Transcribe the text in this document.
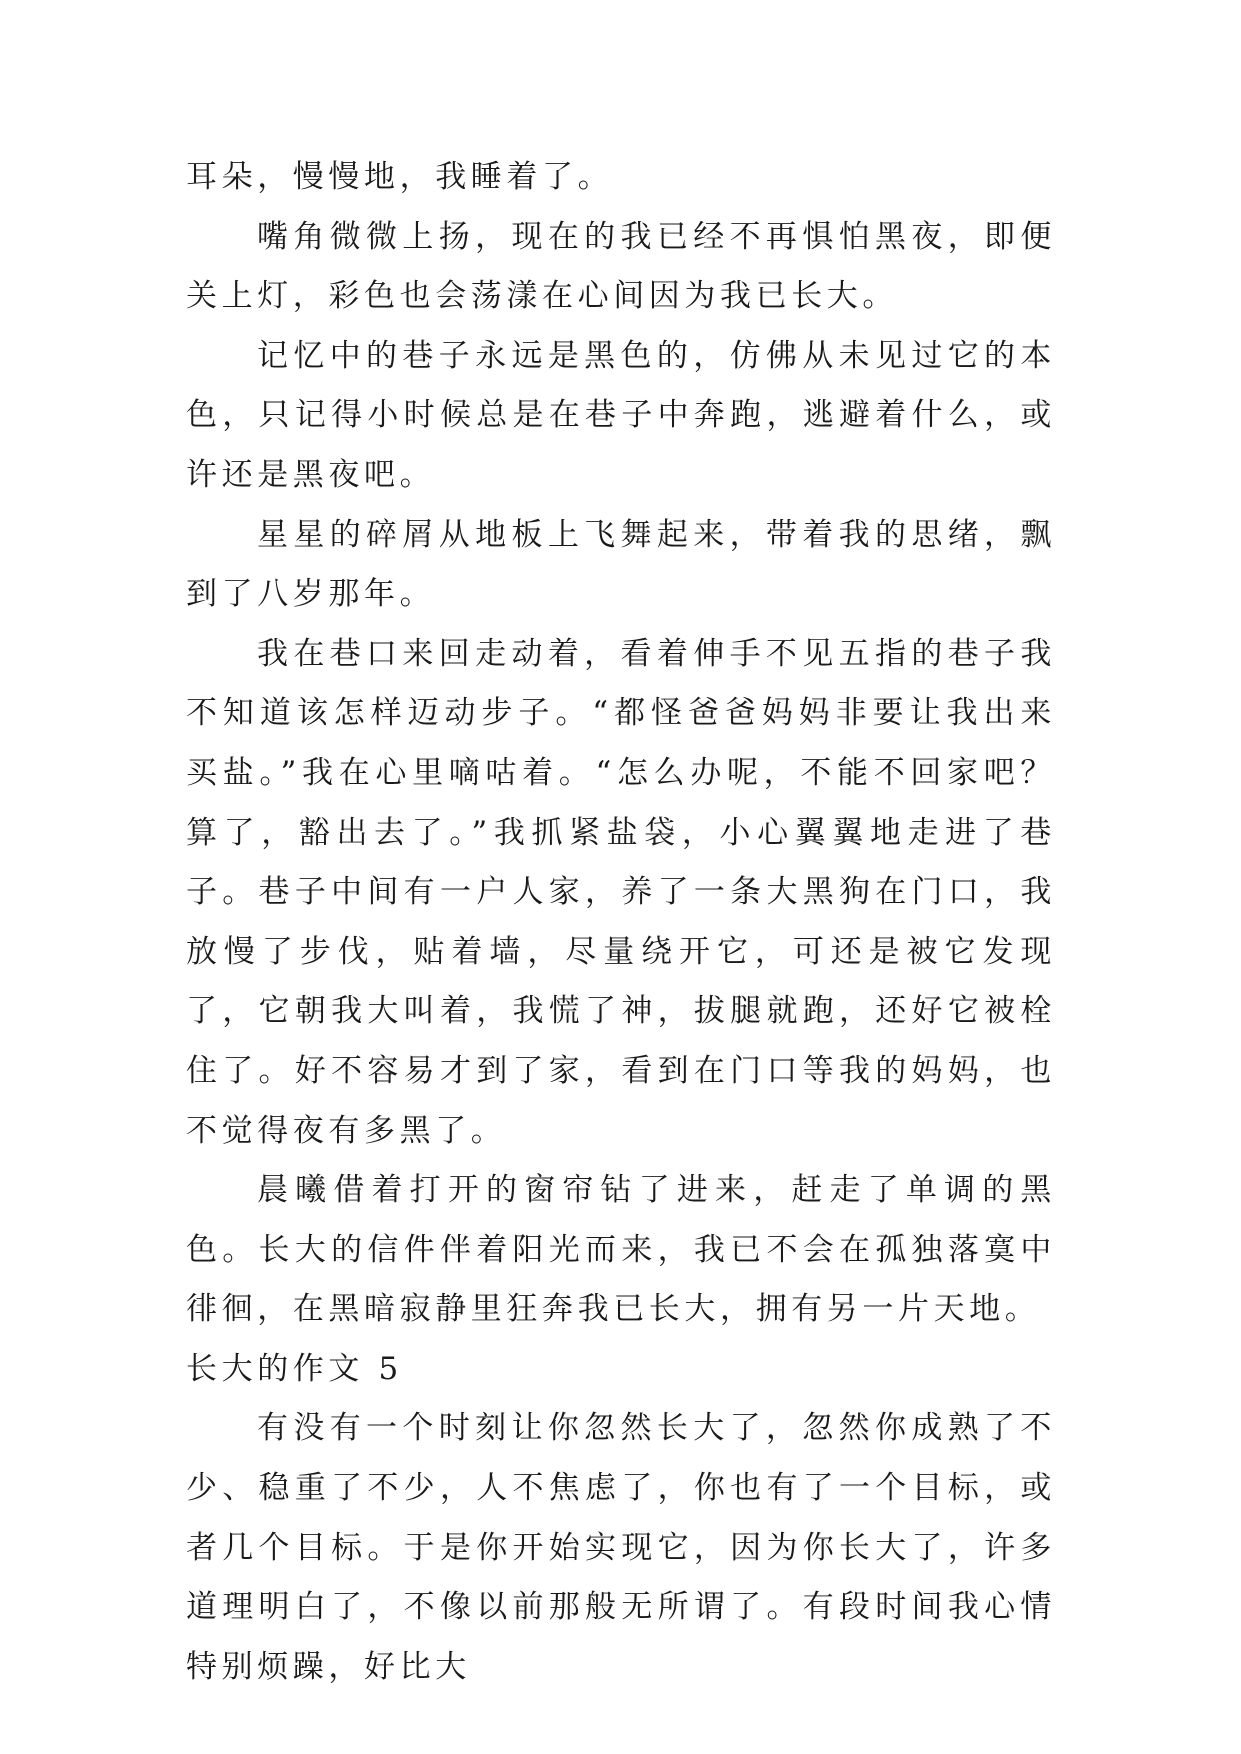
耳朵，慢慢地，我睡着了。

嘴角微微上扬，现在的我已经不再惧怕黑夜，即便关上灯，彩色也会荡漾在心间因为我已长大。

记忆中的巷子永远是黑色的，仿佛从未见过它的本色，只记得小时候总是在巷子中奔跑，逃避着什么，或许还是黑夜吧。

星星的碎屑从地板上飞舞起来，带着我的思绪，飘到了八岁那年。

我在巷口来回走动着，看着伸手不见五指的巷子我不知道该怎样迈动步子。“都怪爸爸妈妈非要让我出来买盐。”我在心里嘀咕着。“怎么办呢，不能不回家吧？算了，豁出去了。”我抓紧盐袋，小心翼翼地走进了巷子。巷子中间有一户人家，养了一条大黑狗在门口，我放慢了步伐，贴着墙，尽量绕开它，可还是被它发现了，它朝我大叫着，我慌了神，拔腿就跑，还好它被栓住了。好不容易才到了家，看到在门口等我的妈妈，也不觉得夜有多黑了。

晨曦借着打开的窗帘钻了进来，赶走了单调的黑色。长大的信件伴着阳光而来，我已不会在孤独落寞中徘徊，在黑暗寂静里狂奔我已长大，拥有另一片天地。

长大的作文 5

有没有一个时刻让你忽然长大了，忽然你成熟了不少、稳重了不少，人不焦虑了，你也有了一个目标，或者几个目标。于是你开始实现它，因为你长大了，许多道理明白了，不像以前那般无所谓了。有段时间我心情特别烦躁，好比大
